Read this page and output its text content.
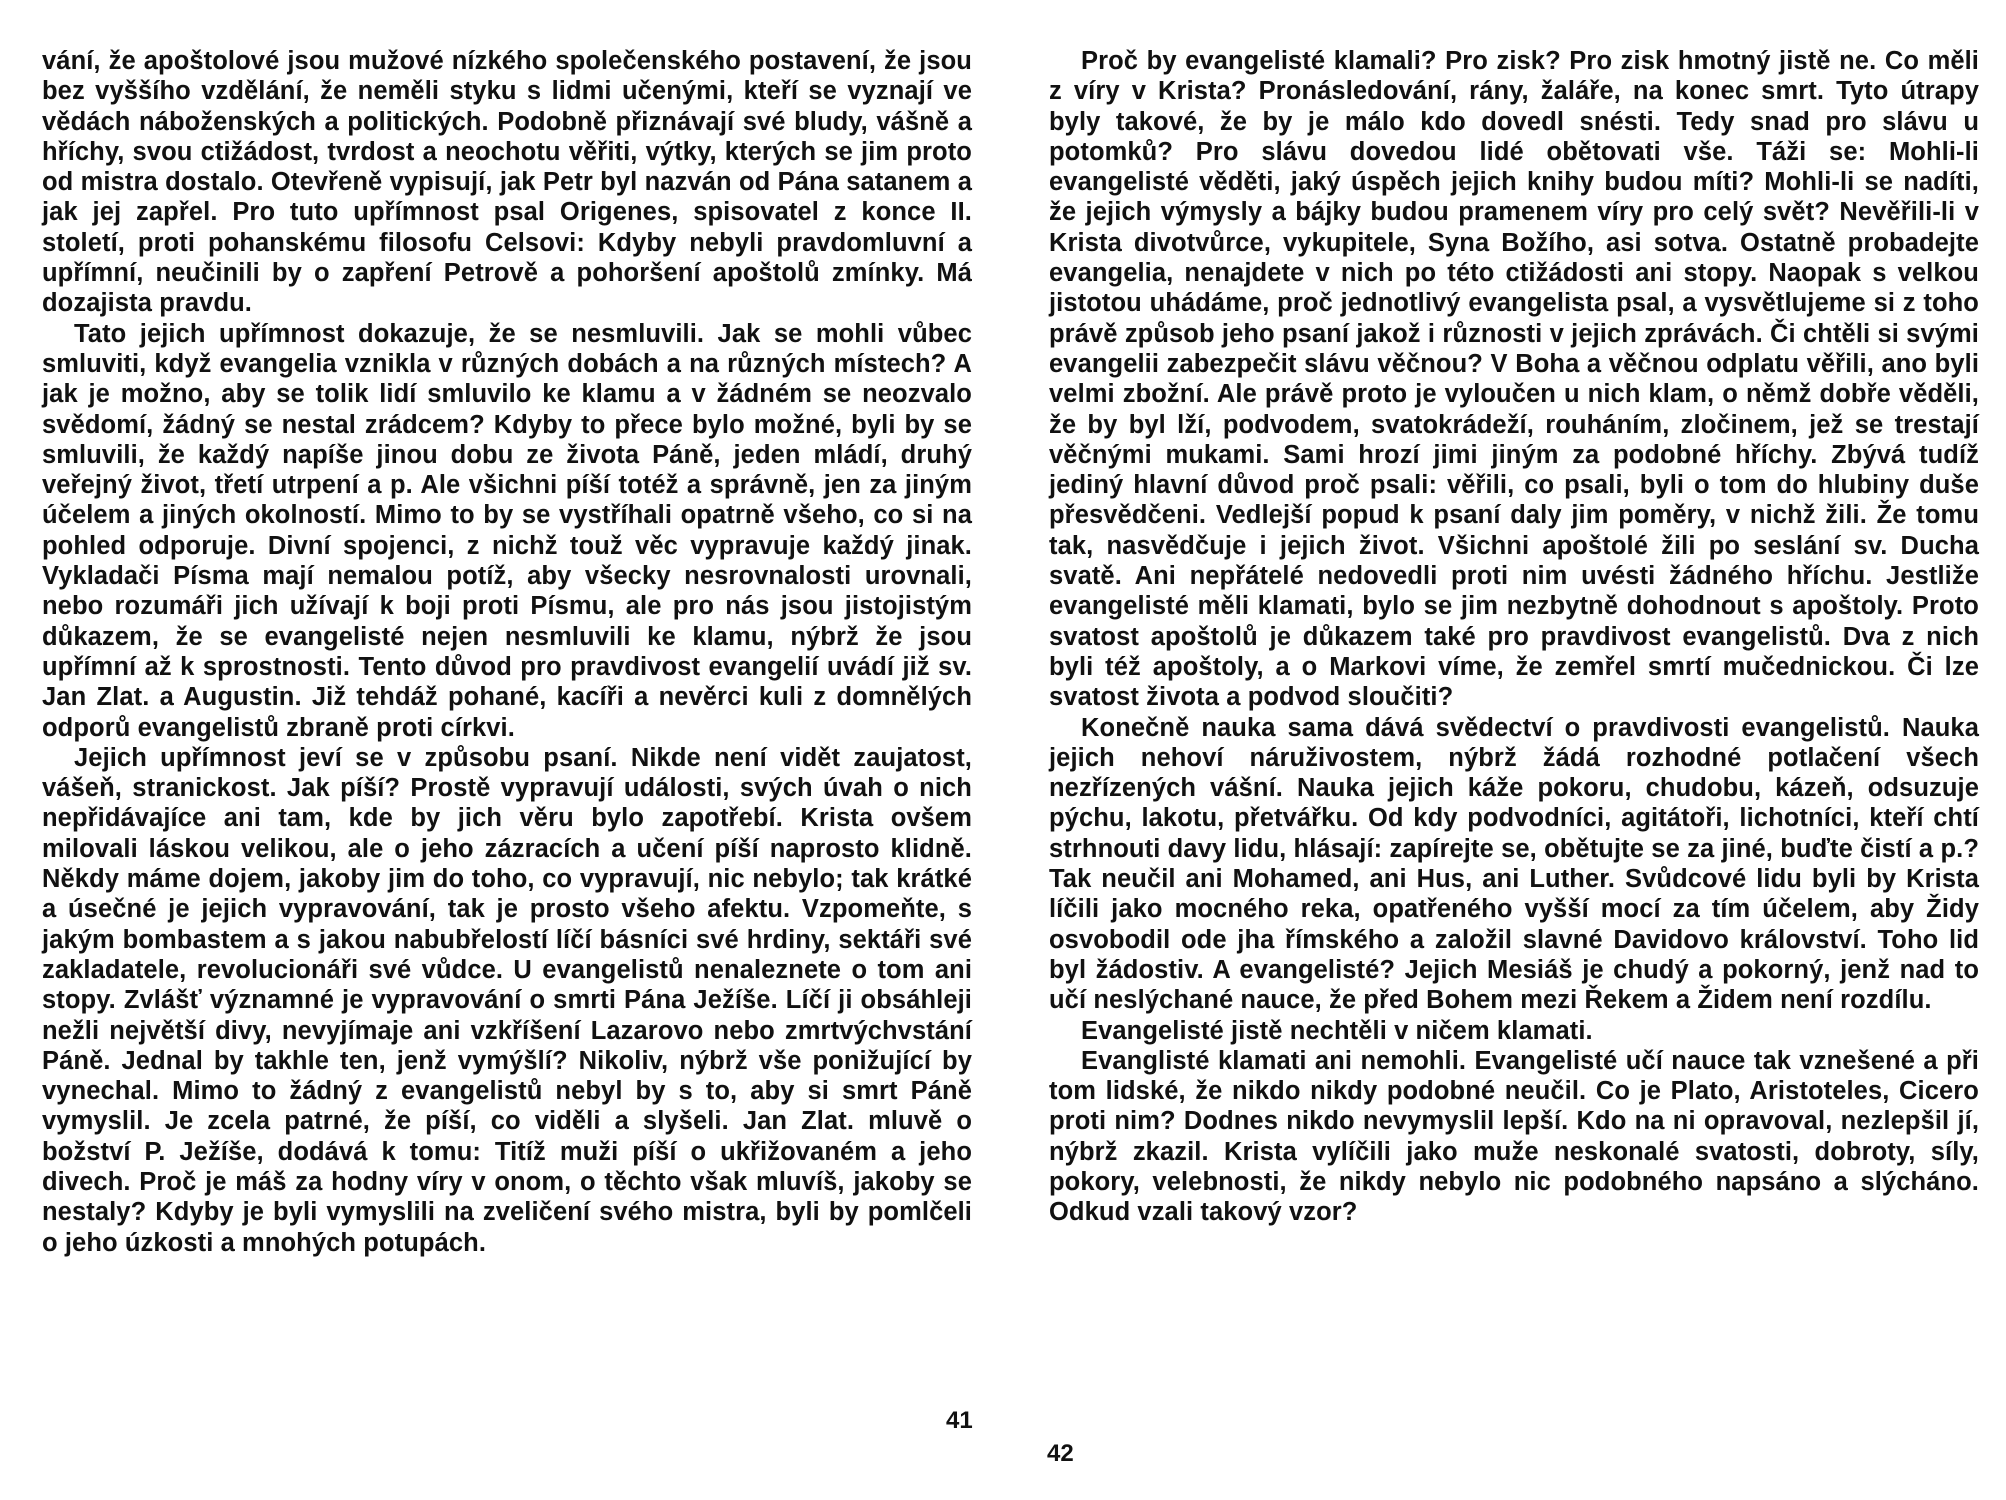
vání, že apoštolové jsou mužové nízkého společenského postavení, že jsou bez vyššího vzdělání, že neměli styku s lidmi učenými, kteří se vyznají ve vědách náboženských a politických. Podobně přiznávají své bludy, vášně a hříchy, svou ctižádost, tvrdost a neochotu věřiti, výtky, kterých se jim proto od mistra dostalo. Otevřeně vypisují, jak Petr byl nazván od Pána satanem a jak jej zapřel. Pro tuto upřímnost psal Origenes, spisovatel z konce II. století, proti pohanskému filosofu Celsovi: Kdyby nebyli pravdomluvní a upřímní, neučinili by o zapření Petrově a pohoršení apoštolů zmínky. Má dozajista pravdu.

Tato jejich upřímnost dokazuje, že se nesmluvili. Jak se mohli vůbec smluviti, když evangelia vznikla v různých dobách a na různých místech? A jak je možno, aby se tolik lidí smluvilo ke klamu a v žádném se neozvalo svědomí, žádný se nestal zrádcem? Kdyby to přece bylo možné, byli by se smluvili, že každý napíše jinou dobu ze života Páně, jeden mládí, druhý veřejný život, třetí utrpení a p. Ale všichni píší totéž a správně, jen za jiným účelem a jiných okolností. Mimo to by se vystříhali opatrně všeho, co si na pohled odporuje. Divní spojenci, z nichž touž věc vypravuje každý jinak. Vykladači Písma mají nemalou potíž, aby všecky nesrovnalosti urovnali, nebo rozumáři jich užívají k boji proti Písmu, ale pro nás jsou jistojistým důkazem, že se evangelisté nejen nesmluvili ke klamu, nýbrž že jsou upřímní až k sprostnosti. Tento důvod pro pravdivost evangelií uvádí již sv. Jan Zlat. a Augustin. Již tehdáž pohané, kacíři a nevěrci kuli z domnělých odporů evangelistů zbraně proti církvi.

Jejich upřímnost jeví se v způsobu psaní. Nikde není vidět zaujatost, vášeň, stranickost. Jak píší? Prostě vypravují události, svých úvah o nich nepřidávajíce ani tam, kde by jich věru bylo zapotřebí. Krista ovšem milovali láskou velikou, ale o jeho zázracích a učení píší naprosto klidně. Někdy máme dojem, jakoby jim do toho, co vypravují, nic nebylo; tak krátké a úsečné je jejich vypravování, tak je prosto všeho afektu. Vzpomeňte, s jakým bombastem a s jakou nabubřelostí líčí básníci své hrdiny, sektáři své zakladatele, revolucionáři své vůdce. U evangelistů nenaleznete o tom ani stopy. Zvlášť významné je vypravování o smrti Pána Ježíše. Líčí ji obsáhleji nežli největší divy, nevyjímaje ani vzkříšení Lazarovo nebo zmrtvýchvstání Páně. Jednal by takhle ten, jenž vymýšlí? Nikoliv, nýbrž vše ponižující by vynechal. Mimo to žádný z evangelistů nebyl by s to, aby si smrt Páně vymyslil. Je zcela patrné, že píší, co viděli a slyšeli. Jan Zlat. mluvě o božství P. Ježíše, dodává k tomu: Titíž muži píší o ukřižovaném a jeho divech. Proč je máš za hodny víry v onom, o těchto však mluvíš, jakoby se nestaly? Kdyby je byli vymyslili na zveličení svého mistra, byli by pomlčeli o jeho úzkosti a mnohých potupách.

41

Proč by evangelisté klamali? Pro zisk? Pro zisk hmotný jistě ne. Co měli z víry v Krista? Pronásledování, rány, žaláře, na konec smrt. Tyto útrapy byly takové, že by je málo kdo dovedl snésti. Tedy snad pro slávu u potomků? Pro slávu dovedou lidé obětovati vše. Táži se: Mohli-li evangelisté věděti, jaký úspěch jejich knihy budou míti? Mohli-li se nadíti, že jejich výmysly a bájky budou pramenem víry pro celý svět? Nevěřili-li v Krista divotvůrce, vykupitele, Syna Božího, asi sotva. Ostatně probadejte evangelia, nenajdete v nich po této ctižádosti ani stopy. Naopak s velkou jistotou uhádáme, proč jednotlivý evangelista psal, a vysvětlujeme si z toho právě způsob jeho psaní jakož i různosti v jejich zprávách. Či chtěli si svými evangelii zabezpečit slávu věčnou? V Boha a věčnou odplatu věřili, ano byli velmi zbožní. Ale právě proto je vyloučen u nich klam, o němž dobře věděli, že by byl lží, podvodem, svatokrádeží, rouháním, zločinem, jež se trestají věčnými mukami. Sami hrozí jimi jiným za podobné hříchy. Zbývá tudíž jediný hlavní důvod proč psali: věřili, co psali, byli o tom do hlubiny duše přesvědčeni. Vedlejší popud k psaní daly jim poměry, v nichž žili. Že tomu tak, nasvědčuje i jejich život. Všichni apoštolé žili po seslání sv. Ducha svatě. Ani nepřátelé nedovedli proti nim uvésti žádného hříchu. Jestliže evangelisté měli klamati, bylo se jim nezbytně dohodnout s apoštoly. Proto svatost apoštolů je důkazem také pro pravdivost evangelistů. Dva z nich byli též apoštoly, a o Markovi víme, že zemřel smrtí mučednickou. Či lze svatost života a podvod sloučiti?

Konečně nauka sama dává svědectví o pravdivosti evangelistů. Nauka jejich nehoví náruživostem, nýbrž žádá rozhodné potlačení všech nezřízených vášní. Nauka jejich káže pokoru, chudobu, kázeň, odsuzuje pýchu, lakotu, přetvářku. Od kdy podvodníci, agitátoři, lichotníci, kteří chtí strhnouti davy lidu, hlásají: zapírejte se, obětujte se za jiné, buďte čistí a p.? Tak neučil ani Mohamed, ani Hus, ani Luther. Svůdcové lidu byli by Krista líčili jako mocného reka, opatřeného vyšší mocí za tím účelem, aby Židy osvobodil ode jha římského a založil slavné Davidovo království. Toho lid byl žádostiv. A evangelisté? Jejich Mesiáš je chudý a pokorný, jenž nad to učí neslýchané nauce, že před Bohem mezi Řekem a Židem není rozdílu.

Evangelisté jistě nechtěli v ničem klamati.

Evanglisté klamati ani nemohli. Evangelisté učí nauce tak vznešené a při tom lidské, že nikdo nikdy podobné neučil. Co je Plato, Aristoteles, Cicero proti nim? Dodnes nikdo nevymyslil lepší. Kdo na ni opravoval, nezlepšil jí, nýbrž zkazil. Krista vylíčili jako muže neskonalé svatosti, dobroty, síly, pokory, velebnosti, že nikdy nebylo nic podobného napsáno a slýcháno. Odkud vzali takový vzor?

42
